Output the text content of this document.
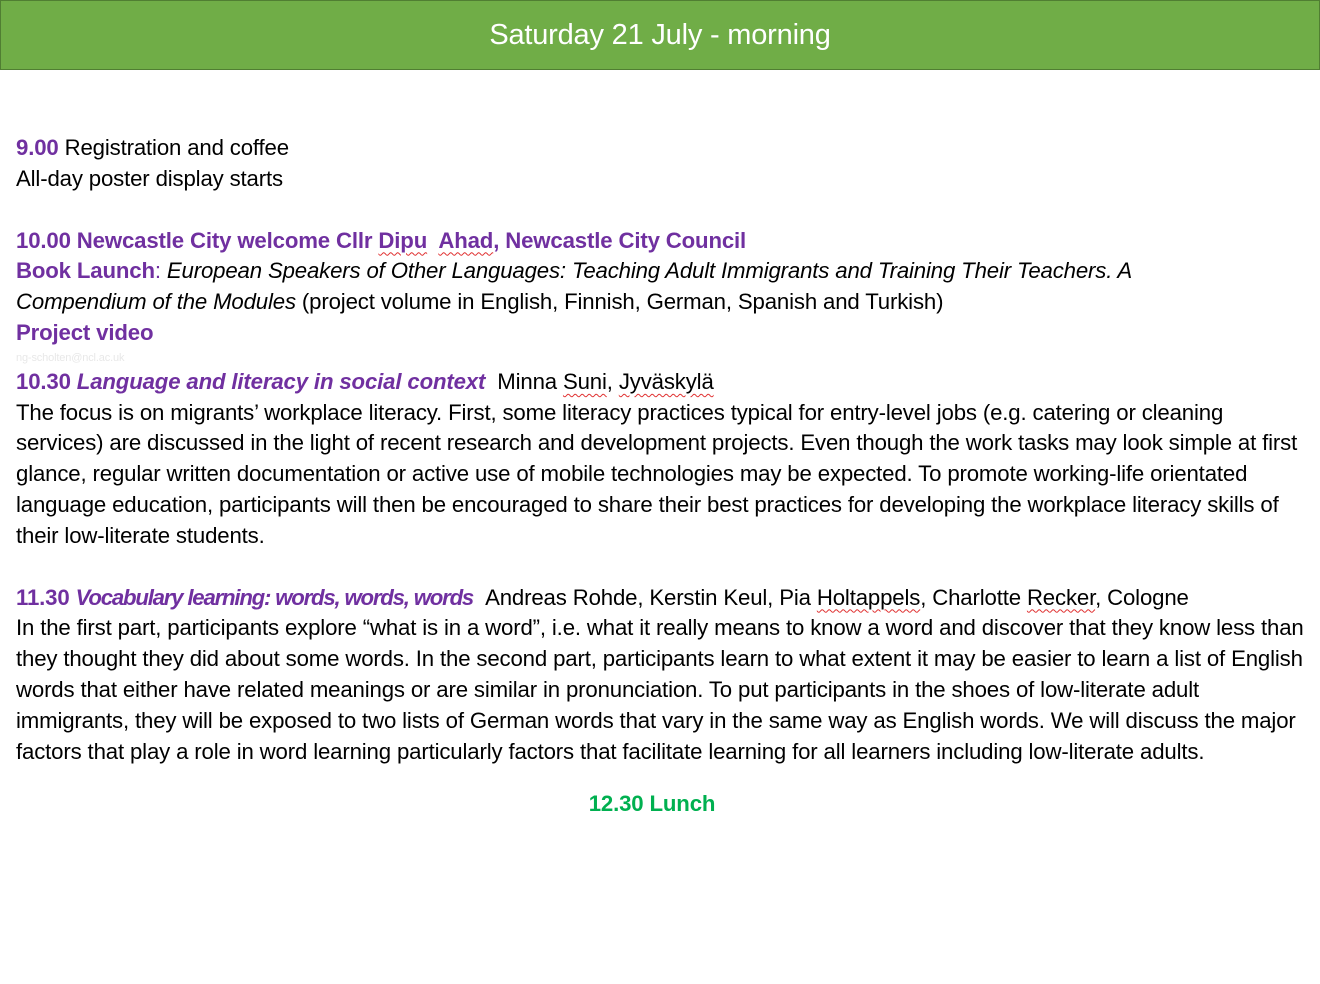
Saturday 21 July - morning

9.00 Registration and coffee

All-day poster display starts

10.00 Newcastle City welcome Cllr Dipu Ahad, Newcastle City Council

Book Launch: European Speakers of Other Languages: Teaching Adult Immigrants and Training Their Teachers. A

Compendium of the Modules (project volume in English, Finnish, German, Spanish and Turkish)

Project video

ng-scholten@ncl.ac.uk

10.30 Language and literacy in social context Minna Suni, Jyväskylä

The focus is on migrants’ workplace literacy. First, some literacy practices typical for entry-level jobs (e.g. catering or cleaning services) are discussed in the light of recent research and development projects. Even though the work tasks may look simple at first glance, regular written documentation or active use of mobile technologies may be expected. To promote working-life orientated language education, participants will then be encouraged to share their best practices for developing the workplace literacy skills of their low-literate students.

11.30 Vocabulary learning: words, words, words Andreas Rohde, Kerstin Keul, Pia Holtappels, Charlotte Recker, Cologne

In the first part, participants explore “what is in a word”, i.e. what it really means to know a word and discover that they know less than they thought they did about some words. In the second part, participants learn to what extent it may be easier to learn a list of English words that either have related meanings or are similar in pronunciation. To put participants in the shoes of low-literate adult immigrants, they will be exposed to two lists of German words that vary in the same way as English words. We will discuss the major factors that play a role in word learning particularly factors that facilitate learning for all learners including low-literate adults.

12.30 Lunch
